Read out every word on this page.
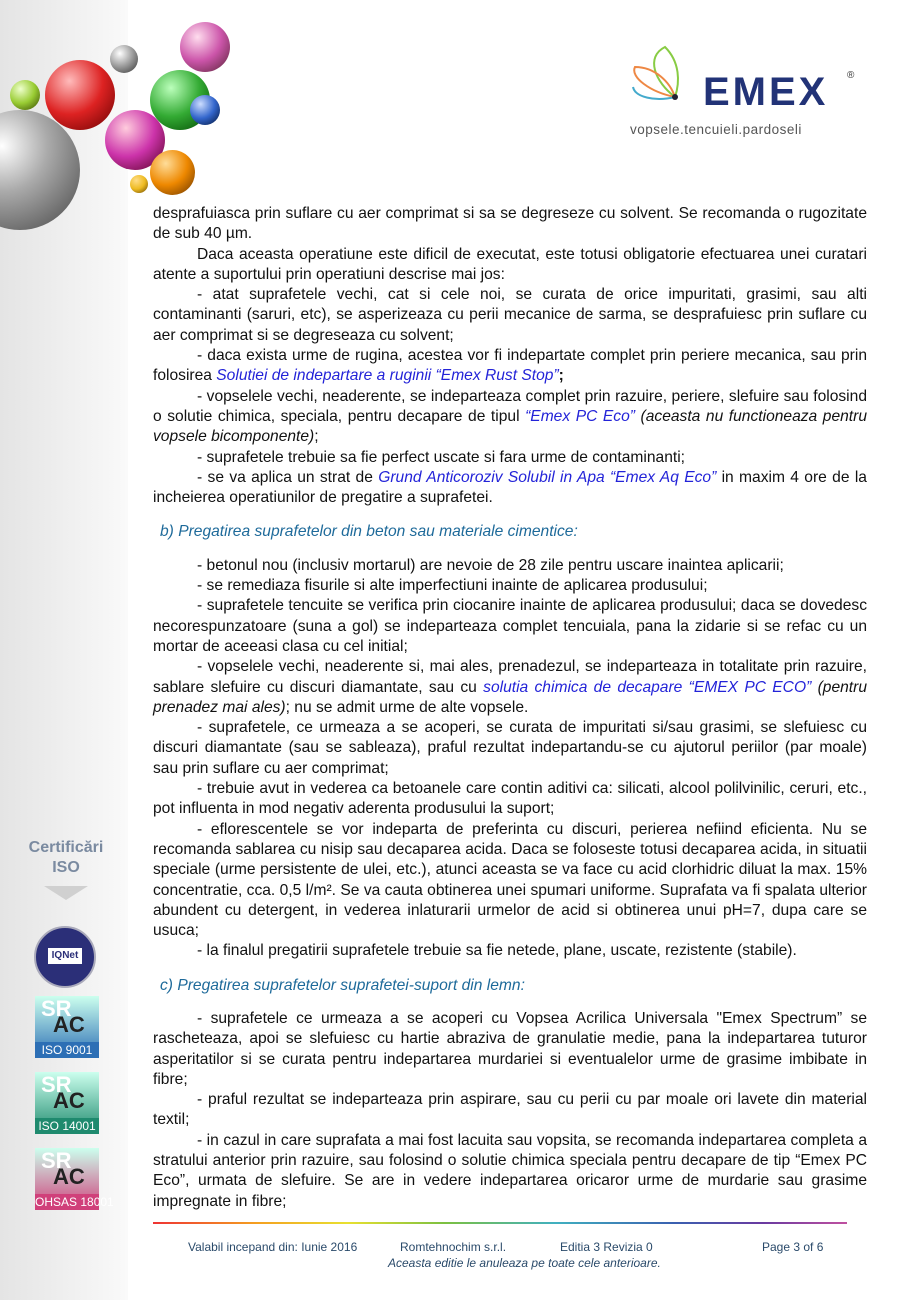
EMEX ®
vopsele.tencuieli.pardoseli

desprafuiasca prin suflare cu aer comprimat si sa se degreseze cu solvent. Se recomanda o rugozitate de sub 40 µm.

Daca aceasta operatiune este dificil de executat, este totusi obligatorie efectuarea unei curatari atente a suportului prin operatiuni descrise mai jos:

- atat suprafetele vechi, cat si cele noi, se curata de orice impuritati, grasimi, sau alti contaminanti (saruri, etc), se asperizeaza cu perii mecanice de sarma, se desprafuiesc prin suflare cu aer comprimat si se degreseaza cu solvent;

- daca exista urme de rugina, acestea vor fi indepartate complet prin periere mecanica, sau prin folosirea Solutiei de indepartare a ruginii “Emex Rust Stop”;

- vopselele vechi, neaderente, se indeparteaza complet prin razuire, periere, slefuire sau folosind o solutie chimica, speciala, pentru decapare de tipul “Emex PC Eco” (aceasta nu functioneaza pentru vopsele bicomponente);

- suprafetele trebuie sa fie perfect uscate si fara urme de contaminanti;

- se va aplica un strat de Grund Anticoroziv Solubil in Apa “Emex Aq Eco” in maxim 4 ore de la incheierea operatiunilor de pregatire a suprafetei.

b) Pregatirea suprafetelor din beton sau materiale cimentice:

- betonul nou (inclusiv mortarul) are nevoie de 28 zile pentru uscare inaintea aplicarii;

- se remediaza fisurile si alte imperfectiuni inainte de aplicarea produsului;

- suprafetele tencuite se verifica prin ciocanire inainte de aplicarea produsului; daca se dovedesc necorespunzatoare (suna a gol) se indeparteaza complet tencuiala, pana la zidarie si se refac cu un mortar de aceeasi clasa cu cel initial;

- vopselele vechi, neaderente si, mai ales, prenadezul, se indeparteaza in totalitate prin razuire, sablare slefuire cu discuri diamantate, sau cu solutia chimica de decapare “EMEX PC ECO” (pentru prenadez mai ales); nu se admit urme de alte vopsele.

- suprafetele, ce urmeaza a se acoperi, se curata de impuritati si/sau grasimi, se slefuiesc cu discuri diamantate (sau se sableaza), praful rezultat indepartandu-se cu ajutorul periilor (par moale) sau prin suflare cu aer comprimat;

- trebuie avut in vederea ca betoanele care contin aditivi ca: silicati, alcool polilvinilic, ceruri, etc., pot influenta in mod negativ aderenta produsului la suport;

- eflorescentele se vor indeparta de preferinta cu discuri, perierea nefiind eficienta. Nu se recomanda sablarea cu nisip sau decaparea acida. Daca se foloseste totusi decaparea acida, in situatii speciale (urme persistente de ulei, etc.), atunci aceasta se va face cu acid clorhidric diluat la max. 15% concentratie, cca. 0,5 l/m². Se va cauta obtinerea unei spumari uniforme. Suprafata va fi spalata ulterior abundent cu detergent, in vederea inlaturarii urmelor de acid si obtinerea unui pH=7, dupa care se usuca;

- la finalul pregatirii suprafetele trebuie sa fie netede, plane, uscate, rezistente (stabile).

c) Pregatirea suprafetelor suprafetei-suport din lemn:

- suprafetele ce urmeaza a se acoperi cu Vopsea Acrilica Universala "Emex Spectrum” se rascheteaza, apoi se slefuiesc cu hartie abraziva de granulatie medie, pana la indepartarea tuturor asperitatilor si se curata pentru indepartarea murdariei si eventualelor urme de grasime imbibate in fibre;

- praful rezultat se indeparteaza prin aspirare, sau cu perii cu par moale ori lavete din material textil;

- in cazul in care suprafata a mai fost lacuita sau vopsita, se recomanda indepartarea completa a stratului anterior prin razuire, sau folosind o solutie chimica speciala pentru decapare de tip “Emex PC Eco”, urmata de slefuire. Se are in vedere indepartarea oricaror urme de murdarie sau grasime impregnate in fibre;

Certificări
ISO
IQNet
SR
AC
ISO 9001
SR
AC
ISO 14001
SR
AC
OHSAS 18001
Valabil incepand din: Iunie 2016	Romtehnochim s.r.l.	Editia 3 Revizia 0	Page 3 of 6
Aceasta editie le anuleaza pe toate cele anterioare.
